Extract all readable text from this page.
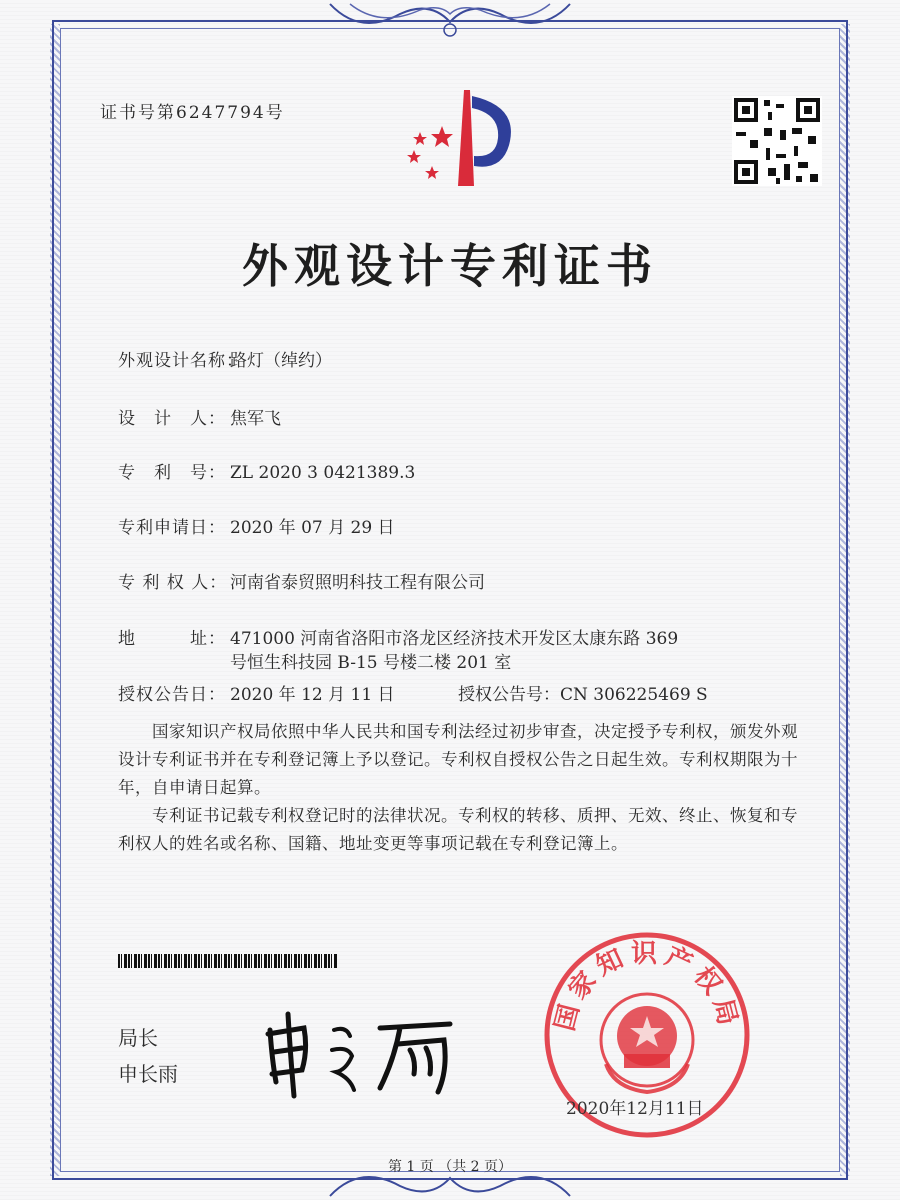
证书号第6247794号
外观设计专利证书
外观设计名称：路灯（绰约）
设　计　人： 焦军飞
专　利　号： ZL 2020 3 0421389.3
专利申请日： 2020 年 07 月 29 日
专 利 权 人： 河南省泰贸照明科技工程有限公司
地　　　址： 471000 河南省洛阳市洛龙区经济技术开发区太康东路 369
号恒生科技园 B-15 号楼二楼 201 室
授权公告日： 2020 年 12 月 11 日	授权公告号：CN 306225469 S
国家知识产权局依照中华人民共和国专利法经过初步审查，决定授予专利权，颁发外观设计专利证书并在专利登记簿上予以登记。专利权自授权公告之日起生效。专利权期限为十年，自申请日起算。
专利证书记载专利权登记时的法律状况。专利权的转移、质押、无效、终止、恢复和专利权人的姓名或名称、国籍、地址变更等事项记载在专利登记簿上。
局长
申长雨
国家知识产权局
2020年12月11日
第 1 页 （共 2 页）
